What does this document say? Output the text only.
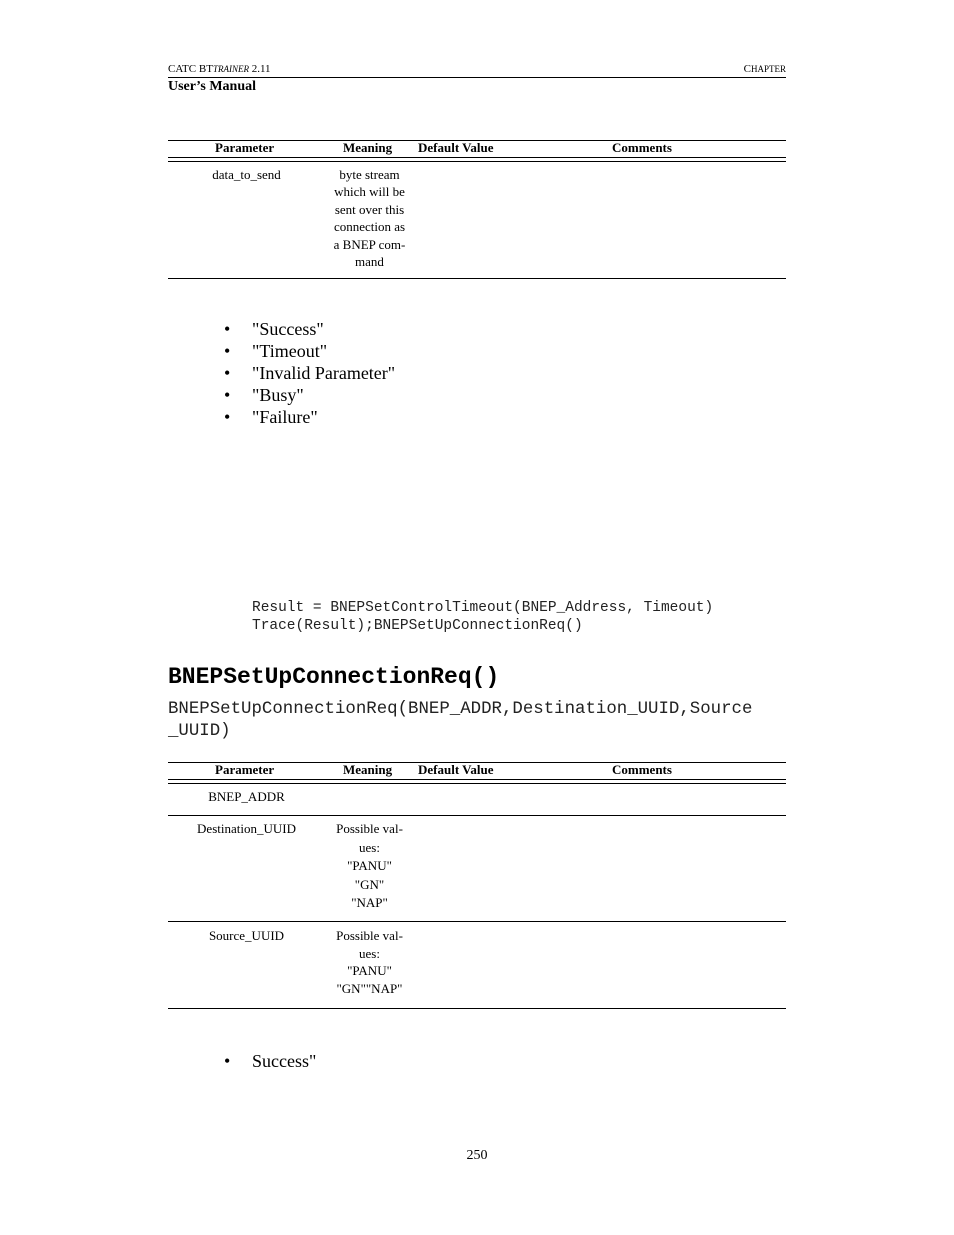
CATC BTTRAINER 2.11	CHAPTER
User’s Manual
Parameter	Meaning Default Value	Comments
data_to_send	byte stream
which will be
sent over this
connection as
a BNEP com-
mand
• "Success"
• "Timeout"
• "Invalid Parameter"
• "Busy"
• "Failure"
Result = BNEPSetControlTimeout(BNEP_Address, Timeout)
Trace(Result);BNEPSetUpConnectionReq()
BNEPSetUpConnectionReq()
BNEPSetUpConnectionReq(BNEP_ADDR,Destination_UUID,Source
_UUID)
Parameter	Meaning Default Value	Comments
BNEP_ADDR
Destination_UUID	Possible val-
ues:
"PANU"
"GN"
"NAP"
Source_UUID	Possible val-
ues:
"PANU"
"GN""NAP"
• Success"
250
